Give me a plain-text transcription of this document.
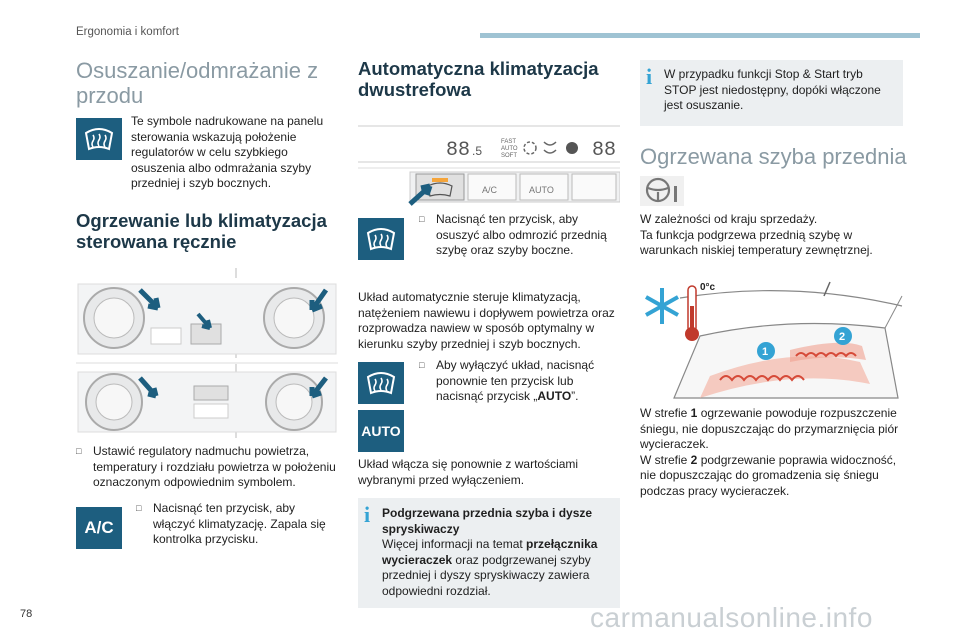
Ergonomia i komfort
Osuszanie/odmrażanie z przodu

Te symbole nadrukowane na panelu sterowania wskazują położenie regulatorów w celu szybkiego osuszenia albo odmrażania szyby przedniej i szyb bocznych.

Ogrzewanie lub klimatyzacja sterowana ręcznie
□ Ustawić regulatory nadmuchu powietrza, temperatury i rozdziału powietrza w położeniu oznaczonym odpowiednim symbolem.
A/C
□ Nacisnąć ten przycisk, aby włączyć klimatyzację. Zapala się kontrolka przycisku.
Automatyczna klimatyzacja dwustrefowa
88 .5
FAST
AUTO
SOFT	88
A/C	AUTO
□ Nacisnąć ten przycisk, aby osuszyć albo odmrozić przednią szybę oraz szyby boczne.

Układ automatycznie steruje klimatyzacją, natężeniem nawiewu i dopływem powietrza oraz rozprowadza nawiew w sposób optymalny w kierunku szyby przedniej i szyb bocznych.

□ Aby wyłączyć układ, nacisnąć ponownie ten przycisk lub nacisnąć przycisk „AUTO”.
AUTO

Układ włącza się ponownie z wartościami wybranymi przed wyłączeniem.

i Podgrzewana przednia szyba i dysze spryskiwaczy
Więcej informacji na temat przełącznika wycieraczek oraz podgrzewanej szyby przedniej i dyszy spryskiwaczy zawiera odpowiedni rozdział.
i W przypadku funkcji Stop & Start tryb STOP jest niedostępny, dopóki włączone jest osuszanie.

Ogrzewana szyba przednia

W zależności od kraju sprzedaży.
Ta funkcja podgrzewa przednią szybę w warunkach niskiej temperatury zewnętrznej.

0°c
1
2

W strefie 1 ogrzewanie powoduje rozpuszczenie śniegu, nie dopuszczając do przymarznięcia piór wycieraczek.
W strefie 2 podgrzewanie poprawia widoczność, nie dopuszczając do gromadzenia się śniegu podczas pracy wycieraczek.

78	carmanualsonline.info
